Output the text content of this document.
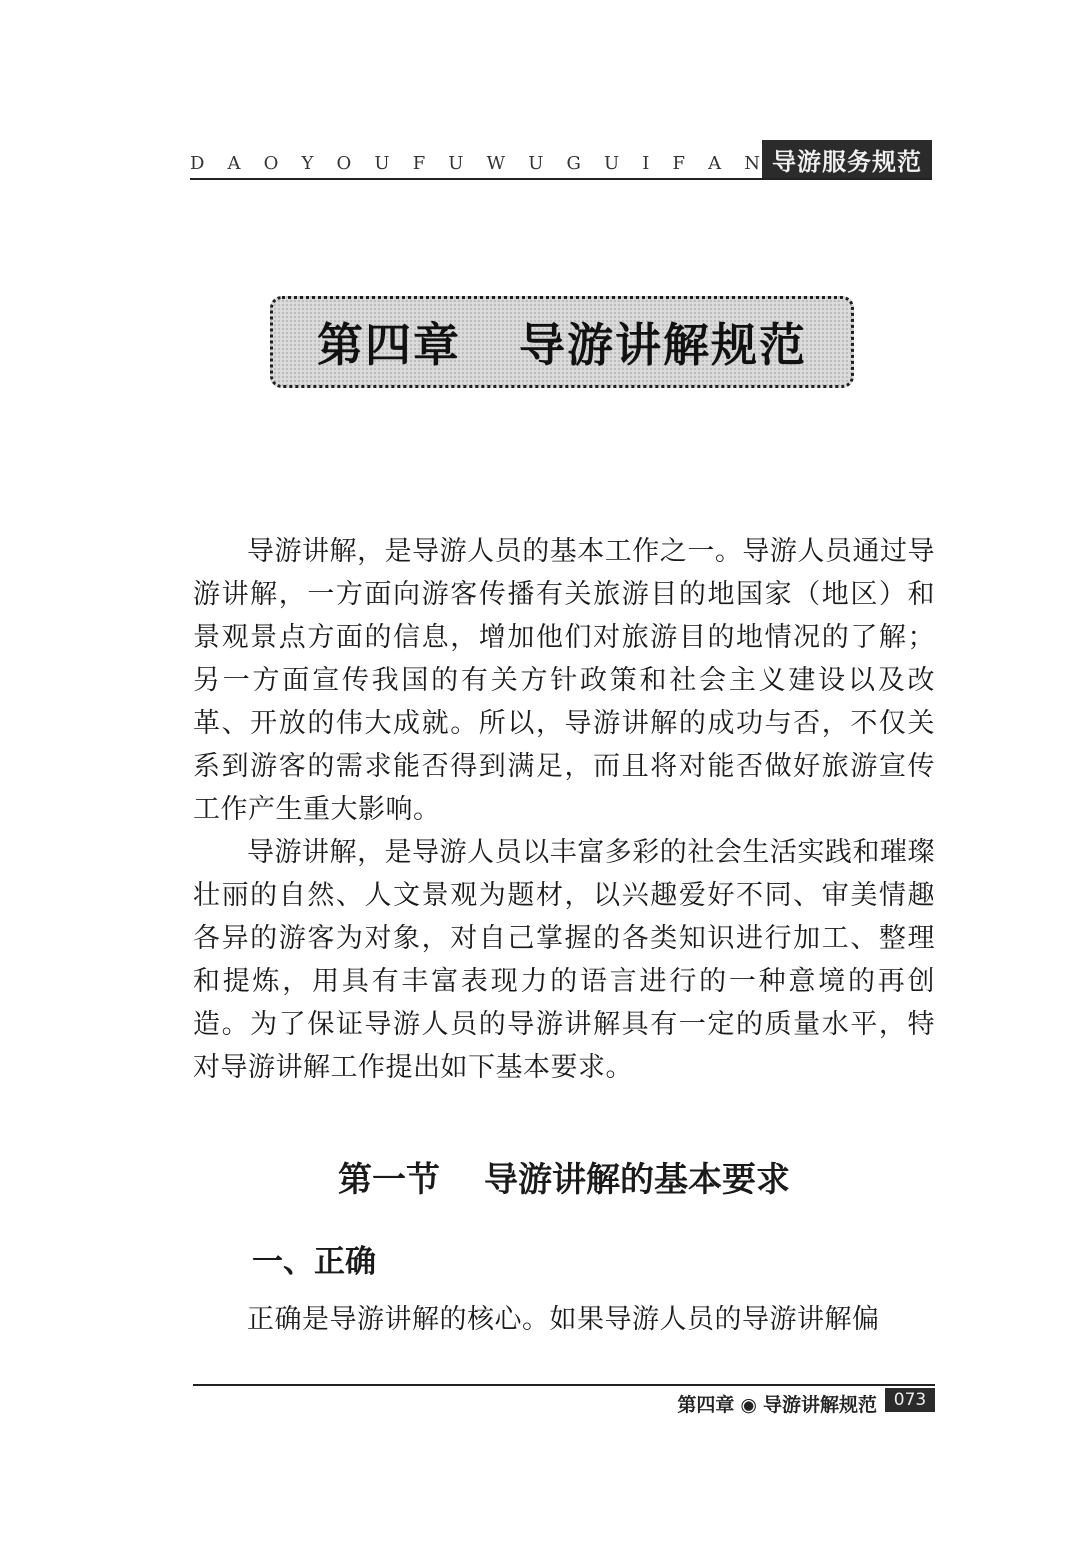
D A O Y O U F U W U G U I F A N 导游服务规范
第四章 导游讲解规范

导游讲解，是导游人员的基本工作之一。导游人员通过导游讲解，一方面向游客传播有关旅游目的地国家（地区）和景观景点方面的信息，增加他们对旅游目的地情况的了解；另一方面宣传我国的有关方针政策和社会主义建设以及改革、开放的伟大成就。所以，导游讲解的成功与否，不仅关系到游客的需求能否得到满足，而且将对能否做好旅游宣传工作产生重大影响。

导游讲解，是导游人员以丰富多彩的社会生活实践和璀璨壮丽的自然、人文景观为题材，以兴趣爱好不同、审美情趣各异的游客为对象，对自己掌握的各类知识进行加工、整理和提炼，用具有丰富表现力的语言进行的一种意境的再创造。为了保证导游人员的导游讲解具有一定的质量水平，特对导游讲解工作提出如下基本要求。

第一节 导游讲解的基本要求
一、正确

正确是导游讲解的核心。如果导游人员的导游讲解偏

第四章 ◉ 导游讲解规范 073
